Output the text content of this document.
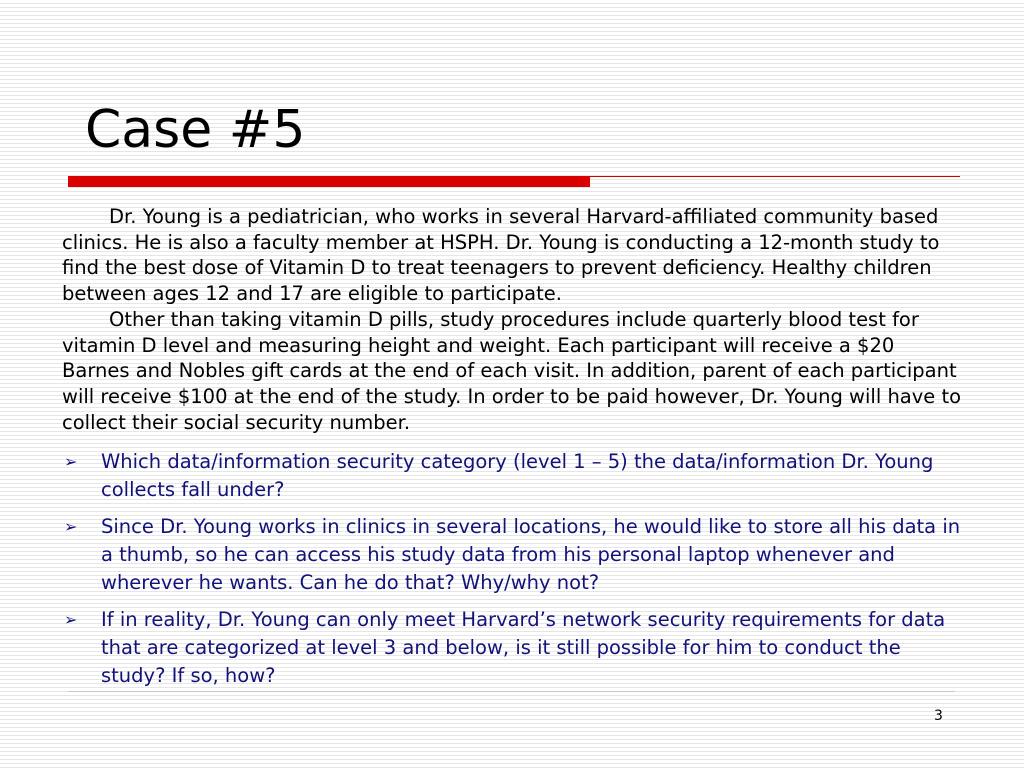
Case #5

Dr. Young is a pediatrician, who works in several Harvard-affiliated community based clinics. He is also a faculty member at HSPH. Dr. Young is conducting a 12-month study to find the best dose of Vitamin D to treat teenagers to prevent deficiency. Healthy children between ages 12 and 17 are eligible to participate.

Other than taking vitamin D pills, study procedures include quarterly blood test for vitamin D level and measuring height and weight. Each participant will receive a $20 Barnes and Nobles gift cards at the end of each visit. In addition, parent of each participant will receive $100 at the end of the study. In order to be paid however, Dr. Young will have to collect their social security number.

➢ Which data/information security category (level 1 – 5) the data/information Dr. Young collects fall under?
➢ Since Dr. Young works in clinics in several locations, he would like to store all his data in a thumb, so he can access his study data from his personal laptop whenever and wherever he wants. Can he do that? Why/why not?
➢ If in reality, Dr. Young can only meet Harvard’s network security requirements for data that are categorized at level 3 and below, is it still possible for him to conduct the study? If so, how?
3
